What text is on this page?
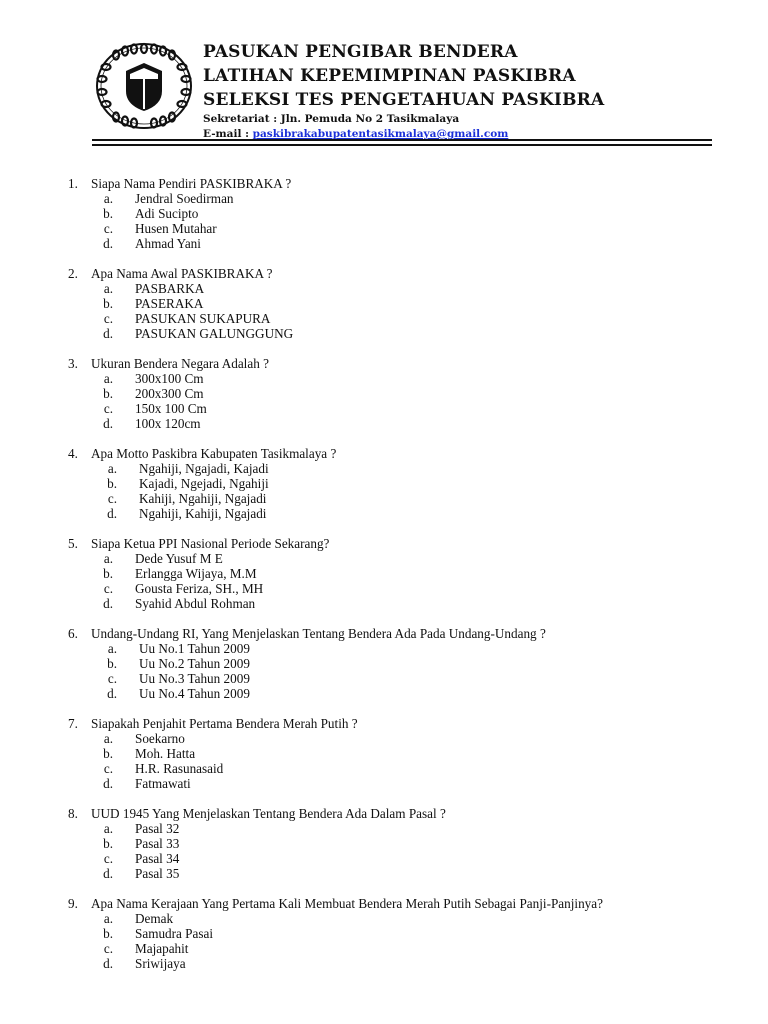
PASUKAN PENGIBAR BENDERA
LATIHAN KEPEMIMPINAN PASKIBRA
SELEKSI TES PENGETAHUAN PASKIBRA
Sekretariat : Jln. Pemuda No 2 Tasikmalaya
E-mail : paskibrakabupatentasikmalaya@gmail.com
1. Siapa Nama Pendiri PASKIBRAKA ?
a. Jendral Soedirman
b. Adi Sucipto
c. Husen Mutahar
d. Ahmad Yani
2. Apa Nama Awal PASKIBRAKA ?
a. PASBARKA
b. PASERAKA
c. PASUKAN SUKAPURA
d. PASUKAN GALUNGGUNG
3. Ukuran Bendera Negara Adalah ?
a. 300x100 Cm
b. 200x300 Cm
c. 150x 100 Cm
d. 100x 120cm
4. Apa Motto Paskibra Kabupaten Tasikmalaya ?
a. Ngahiji, Ngajadi, Kajadi
b. Kajadi, Ngejadi, Ngahiji
c. Kahiji, Ngahiji, Ngajadi
d. Ngahiji, Kahiji, Ngajadi
5. Siapa Ketua PPI Nasional Periode Sekarang?
a. Dede Yusuf M E
b. Erlangga Wijaya, M.M
c. Gousta Feriza, SH., MH
d. Syahid Abdul Rohman
6. Undang-Undang RI, Yang Menjelaskan Tentang Bendera Ada Pada Undang-Undang ?
a. Uu No.1 Tahun 2009
b. Uu No.2 Tahun 2009
c. Uu No.3 Tahun 2009
d. Uu No.4 Tahun 2009
7. Siapakah Penjahit Pertama Bendera Merah Putih ?
a. Soekarno
b. Moh. Hatta
c. H.R. Rasunasaid
d. Fatmawati
8. UUD 1945 Yang Menjelaskan Tentang Bendera Ada Dalam Pasal ?
a. Pasal 32
b. Pasal 33
c. Pasal 34
d. Pasal 35
9. Apa Nama Kerajaan Yang Pertama Kali Membuat Bendera Merah Putih Sebagai Panji-Panjinya?
a. Demak
b. Samudra Pasai
c. Majapahit
d. Sriwijaya
